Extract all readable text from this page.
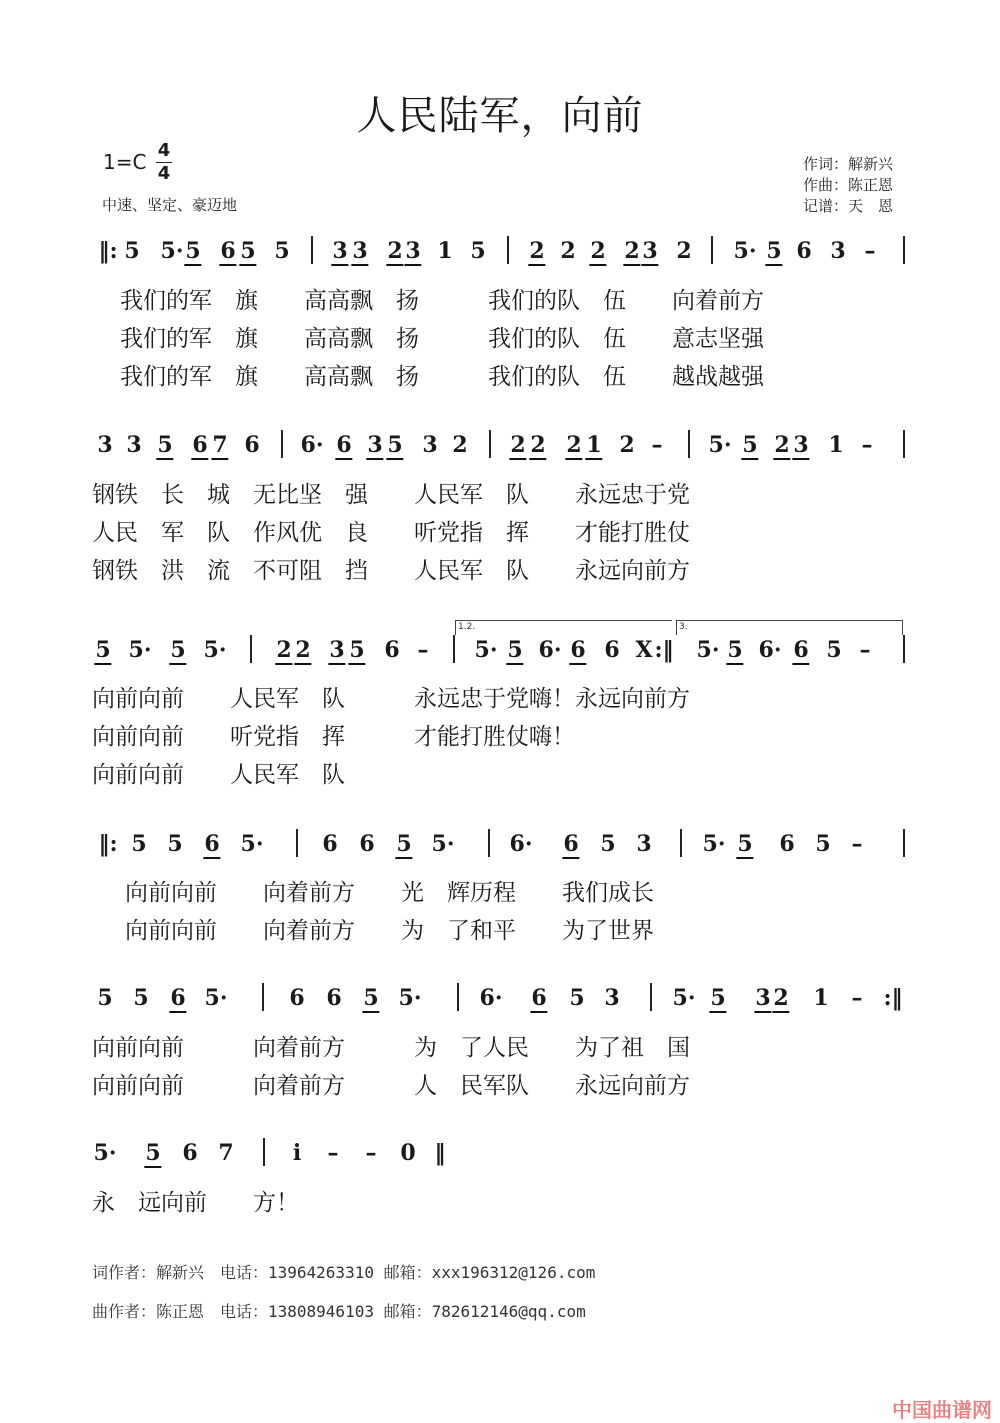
人民陆军，向前
1=C 4
4
中速、坚定、豪迈地
作词：解新兴
作曲：陈正恩
记谱：天　恩
‖: 5 5· 5 6 5 5 3 3 2 3 1 5 2 2 2 2 3 2 5· 5 6 3 –
3 3 5 6 7 6 6· 6 3 5 3 2 2 2 2 1 2 – 5· 5 2 3 1 –
5 5· 5 5· 2 2 3 5 6 – 5· 5 6· 6 6 X :‖ 5· 5 6· 6 5 –
‖: 5 5 6 5·	6 6 5 5·	6· 6 5 3 5· 5 6 5 –
5 5 6 5·	6 6 5 5·	6· 6 5 3 5· 5 3 2 1 – :‖
5· 5 6 7	i – – 0 ‖
我们的军　旗　　高高飘　扬　　　我们的队　伍　　向着前方
我们的军　旗　　高高飘　扬　　　我们的队　伍　　意志坚强
我们的军　旗　　高高飘　扬　　　我们的队　伍　　越战越强
钢铁　长　城　无比坚　强　　人民军　队　　永远忠于党
人民　军　队　作风优　良　　听党指　挥　　才能打胜仗
钢铁　洪　流　不可阻　挡　　人民军　队　　永远向前方
1.2.	3.
向前向前　　人民军　队　　　永远忠于党嗨！永远向前方
向前向前　　听党指　挥　　　才能打胜仗嗨！
向前向前　　人民军　队
向前向前　　向着前方　　光　辉历程　　我们成长
向前向前　　向着前方　　为　了和平　　为了世界
向前向前　　　向着前方　　　为　了人民　　为了祖　国
向前向前　　　向着前方　　　人　民军队　　永远向前方
永　远向前　　方！
词作者：解新兴　电话：13964263310 邮箱：xxx196312@126.com
曲作者：陈正恩　电话：13808946103 邮箱：782612146@qq.com
中国曲谱网
